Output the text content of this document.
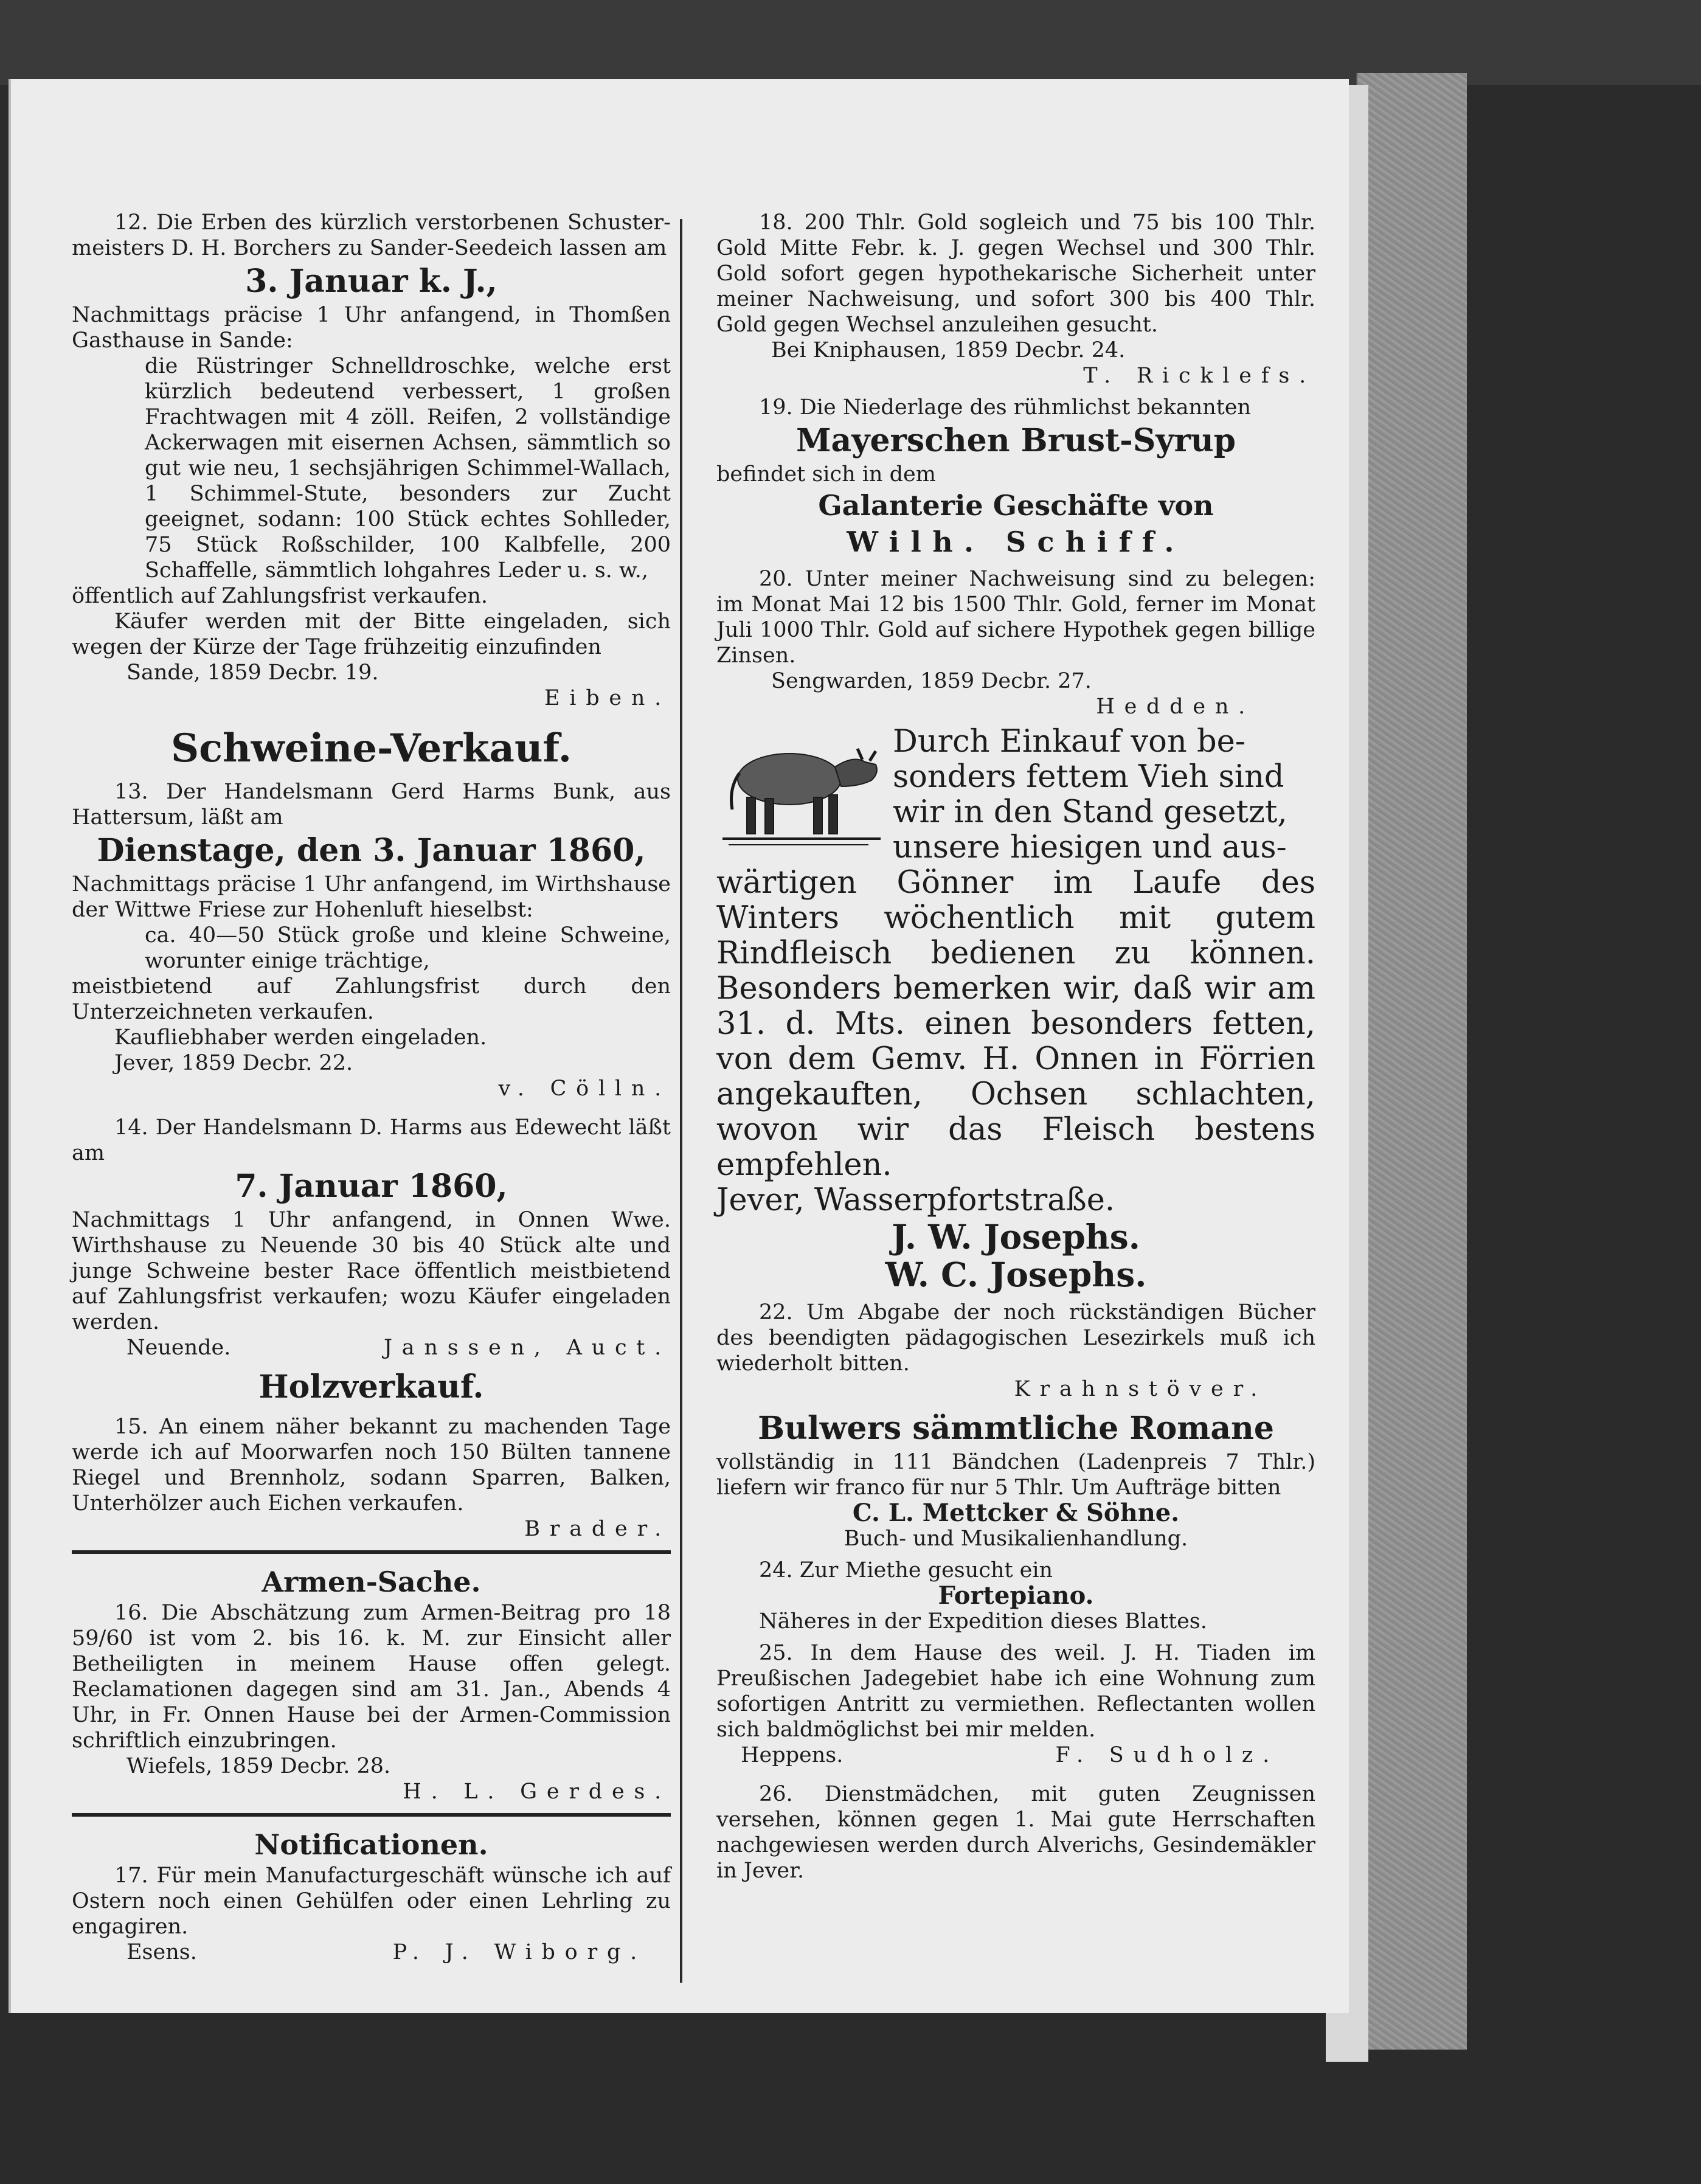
12. Die Erben des kürzlich verstorbenen Schustermeisters D. H. Borchers zu Sander-Seedeich lassen am

3. Januar k. J.,

Nachmittags präcise 1 Uhr anfangend, in Thomßen Gasthause in Sande:

die Rüstringer Schnelldroschke, welche erst kürzlich bedeutend verbessert, 1 großen Frachtwagen mit 4 zöll. Reifen, 2 vollständige Ackerwagen mit eisernen Achsen, sämmtlich so gut wie neu, 1 sechsjährigen Schimmel-Wallach, 1 Schimmel-Stute, besonders zur Zucht geeignet, sodann: 100 Stück echtes Sohlleder, 75 Stück Roßschilder, 100 Kalbfelle, 200 Schaffelle, sämmtlich lohgahres Leder u. s. w.,

öffentlich auf Zahlungsfrist verkaufen.

Käufer werden mit der Bitte eingeladen, sich wegen der Kürze der Tage frühzeitig einzufinden

Sande, 1859 Decbr. 19.

Eiben.

Schweine-Verkauf.

13. Der Handelsmann Gerd Harms Bunk, aus Hattersum, läßt am

Dienstage, den 3. Januar 1860,

Nachmittags präcise 1 Uhr anfangend, im Wirthshause der Wittwe Friese zur Hohenluft hieselbst:

ca. 40—50 Stück große und kleine Schweine, worunter einige trächtige,

meistbietend auf Zahlungsfrist durch den Unterzeichneten verkaufen.

Kaufliebhaber werden eingeladen.

Jever, 1859 Decbr. 22.

v. Cölln.

14. Der Handelsmann D. Harms aus Edewecht läßt am

7. Januar 1860,

Nachmittags 1 Uhr anfangend, in Onnen Wwe. Wirthshause zu Neuende 30 bis 40 Stück alte und junge Schweine bester Race öffentlich meistbietend auf Zahlungsfrist verkaufen; wozu Käufer eingeladen werden.

Neuende.	Janssen, Auct.

Holzverkauf.

15. An einem näher bekannt zu machenden Tage werde ich auf Moorwarfen noch 150 Bülten tannene Riegel und Brennholz, sodann Sparren, Balken, Unterhölzer auch Eichen verkaufen.

Brader.

Armen-Sache.

16. Die Abschätzung zum Armen-Beitrag pro 18 59/60 ist vom 2. bis 16. k. M. zur Einsicht aller Betheiligten in meinem Hause offen gelegt. Reclamationen dagegen sind am 31. Jan., Abends 4 Uhr, in Fr. Onnen Hause bei der Armen-Commission schriftlich einzubringen.

Wiefels, 1859 Decbr. 28.

H. L. Gerdes.

Notificationen.

17. Für mein Manufacturgeschäft wünsche ich auf Ostern noch einen Gehülfen oder einen Lehrling zu engagiren.

Esens.	P. J. Wiborg.

18. 200 Thlr. Gold sogleich und 75 bis 100 Thlr. Gold Mitte Febr. k. J. gegen Wechsel und 300 Thlr. Gold sofort gegen hypothekarische Sicherheit unter meiner Nachweisung, und sofort 300 bis 400 Thlr. Gold gegen Wechsel anzuleihen gesucht.

Bei Kniphausen, 1859 Decbr. 24.

T. Ricklefs.

19. Die Niederlage des rühmlichst bekannten

Mayerschen Brust-Syrup

befindet sich in dem

Galanterie Geschäfte von

Wilh. Schiff.

20. Unter meiner Nachweisung sind zu belegen: im Monat Mai 12 bis 1500 Thlr. Gold, ferner im Monat Juli 1000 Thlr. Gold auf sichere Hypothek gegen billige Zinsen.

Sengwarden, 1859 Decbr. 27.

Hedden.

Durch Einkauf von be-

sonders fettem Vieh sind

wir in den Stand gesetzt,

unsere hiesigen und aus-

wärtigen Gönner im Laufe des Winters wöchentlich mit gutem Rindfleisch bedienen zu können. Besonders bemerken wir, daß wir am 31. d. Mts. einen besonders fetten, von dem Gemv. H. Onnen in Förrien angekauften, Ochsen schlachten, wovon wir das Fleisch bestens empfehlen.

Jever, Wasserpfortstraße.

J. W. Josephs.

W. C. Josephs.

22. Um Abgabe der noch rückständigen Bücher des beendigten pädagogischen Lesezirkels muß ich wiederholt bitten.

Krahnstöver.

Bulwers sämmtliche Romane

vollständig in 111 Bändchen (Ladenpreis 7 Thlr.) liefern wir franco für nur 5 Thlr. Um Aufträge bitten

C. L. Mettcker & Söhne.

Buch- und Musikalienhandlung.

24. Zur Miethe gesucht ein

Fortepiano.

Näheres in der Expedition dieses Blattes.

25. In dem Hause des weil. J. H. Tiaden im Preußischen Jadegebiet habe ich eine Wohnung zum sofortigen Antritt zu vermiethen. Reflectanten wollen sich baldmöglichst bei mir melden.

Heppens.	F. Sudholz.

26. Dienstmädchen, mit guten Zeugnissen versehen, können gegen 1. Mai gute Herrschaften nachgewiesen werden durch Alverichs, Gesindemäkler in Jever.
